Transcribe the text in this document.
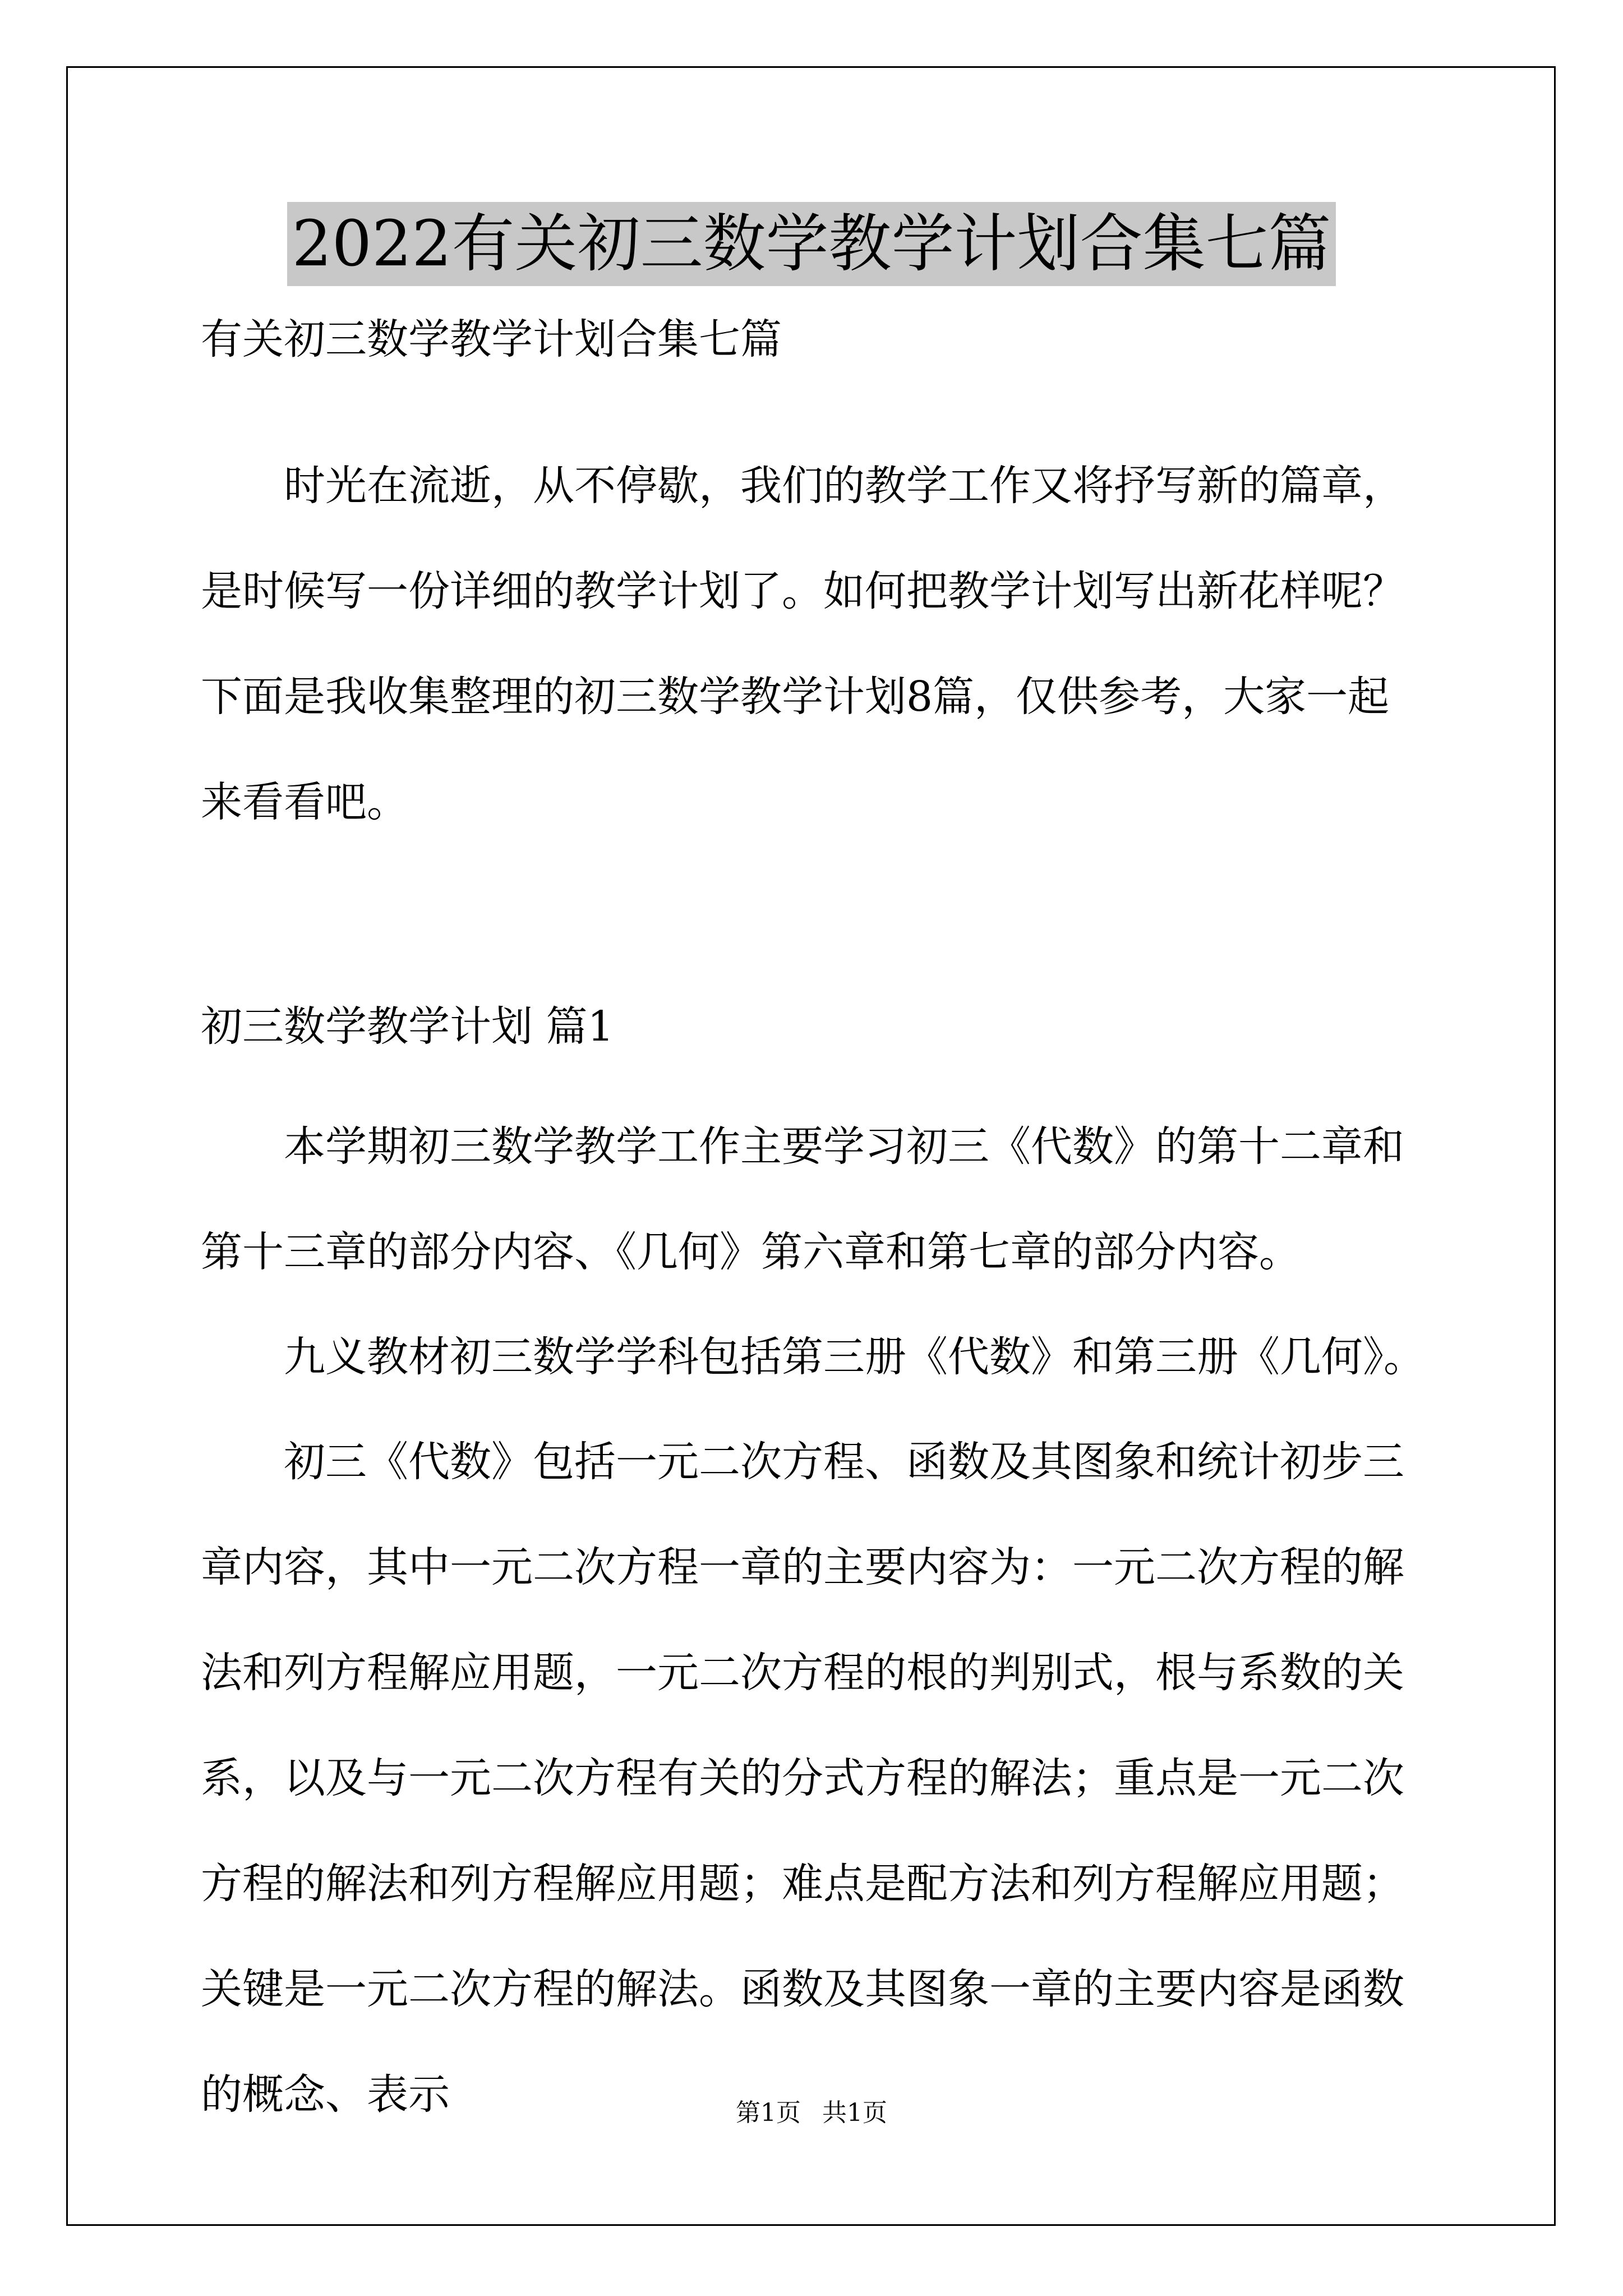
2022有关初三数学教学计划合集七篇

有关初三数学教学计划合集七篇

时光在流逝，从不停歇，我们的教学工作又将抒写新的篇章，是时候写一份详细的教学计划了。如何把教学计划写出新花样呢？下面是我收集整理的初三数学教学计划8篇，仅供参考，大家一起来看看吧。

初三数学教学计划 篇1

本学期初三数学教学工作主要学习初三《代数》的第十二章和第十三章的部分内容、《几何》第六章和第七章的部分内容。

九义教材初三数学学科包括第三册《代数》和第三册《几何》。

初三《代数》包括一元二次方程、函数及其图象和统计初步三章内容，其中一元二次方程一章的主要内容为：一元二次方程的解法和列方程解应用题，一元二次方程的根的判别式，根与系数的关系，以及与一元二次方程有关的分式方程的解法；重点是一元二次方程的解法和列方程解应用题；难点是配方法和列方程解应用题；关键是一元二次方程的解法。函数及其图象一章的主要内容是函数的概念、表示	第1页 共1页
